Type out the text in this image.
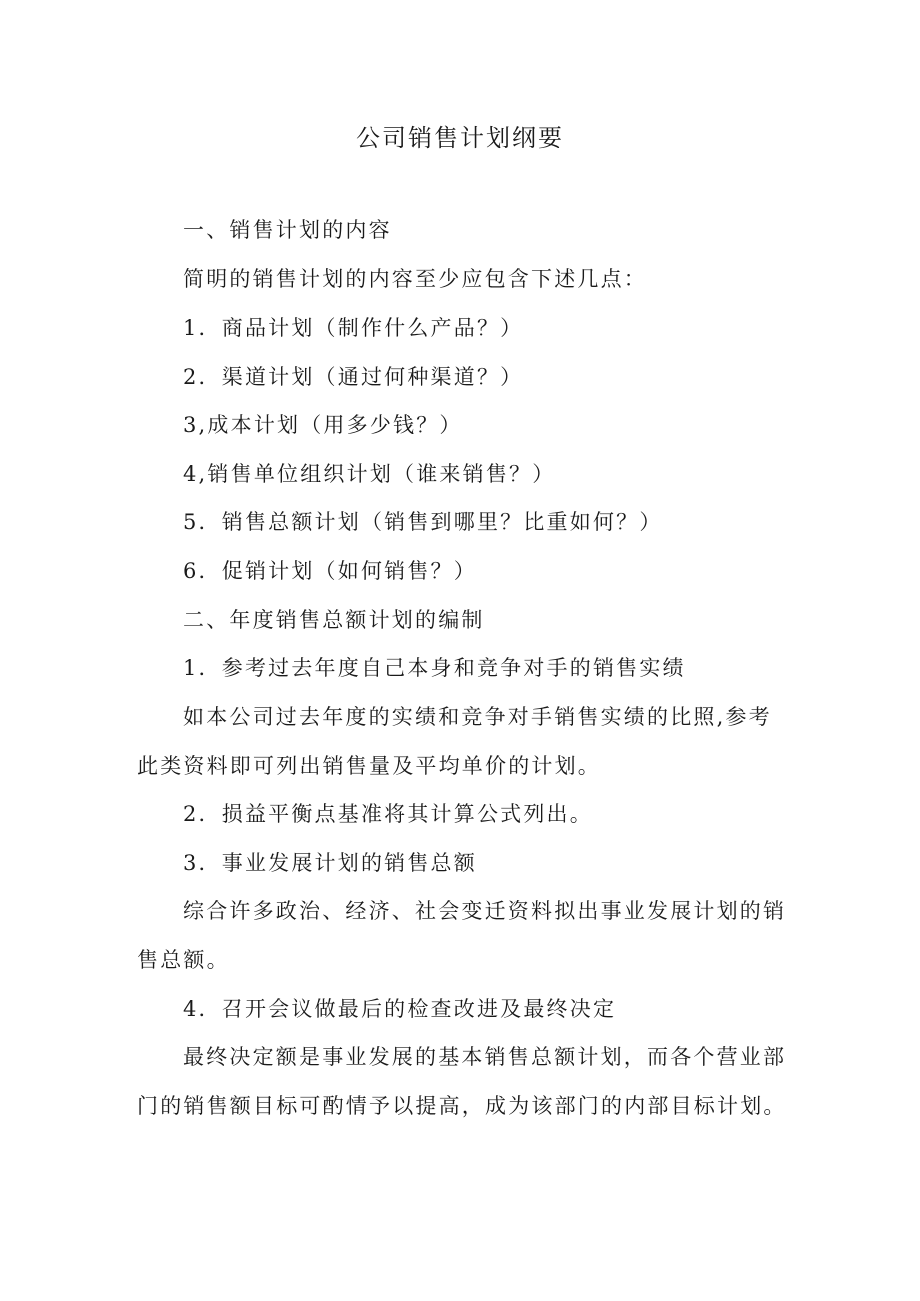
公司销售计划纲要
一、销售计划的内容
简明的销售计划的内容至少应包含下述几点：
1．商品计划（制作什么产品？）
2．渠道计划（通过何种渠道？）
3,成本计划（用多少钱？）
4,销售单位组织计划（谁来销售？）
5．销售总额计划（销售到哪里？比重如何？）
6．促销计划（如何销售？）
二、年度销售总额计划的编制
1．参考过去年度自己本身和竞争对手的销售实绩
如本公司过去年度的实绩和竞争对手销售实绩的比照,参考
此类资料即可列出销售量及平均单价的计划。
2．损益平衡点基准将其计算公式列出。
3．事业发展计划的销售总额
综合许多政治、经济、社会变迁资料拟出事业发展计划的销
售总额。
4．召开会议做最后的检查改进及最终决定
最终决定额是事业发展的基本销售总额计划，而各个营业部
门的销售额目标可酌情予以提高，成为该部门的内部目标计划。
